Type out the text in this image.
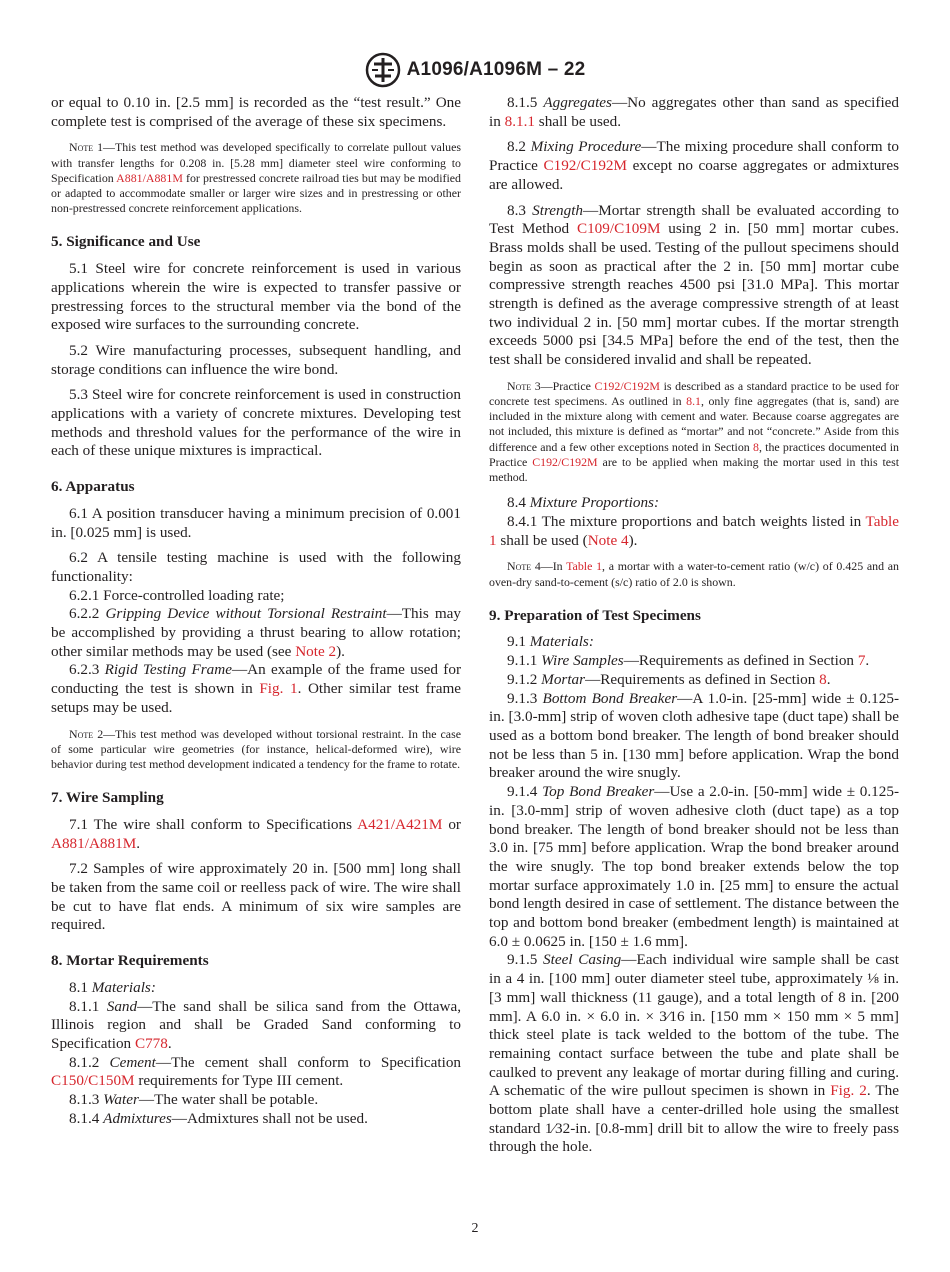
A1096/A1096M – 22

or equal to 0.10 in. [2.5 mm] is recorded as the “test result.” One complete test is comprised of the average of these six specimens.

Note 1—This test method was developed specifically to correlate pullout values with transfer lengths for 0.208 in. [5.28 mm] diameter steel wire conforming to Specification A881/A881M for prestressed concrete railroad ties but may be modified or adapted to accommodate smaller or larger wire sizes and in prestressing or other non-prestressed concrete reinforcement applications.
5. Significance and Use

5.1 Steel wire for concrete reinforcement is used in various applications wherein the wire is expected to transfer passive or prestressing forces to the structural member via the bond of the exposed wire surfaces to the surrounding concrete.

5.2 Wire manufacturing processes, subsequent handling, and storage conditions can influence the wire bond.

5.3 Steel wire for concrete reinforcement is used in construction applications with a variety of concrete mixtures. Developing test methods and threshold values for the performance of the wire in each of these unique mixtures is impractical.

6. Apparatus

6.1 A position transducer having a minimum precision of 0.001 in. [0.025 mm] is used.

6.2 A tensile testing machine is used with the following functionality:

6.2.1 Force-controlled loading rate;

6.2.2 Gripping Device without Torsional Restraint—This may be accomplished by providing a thrust bearing to allow rotation; other similar methods may be used (see Note 2).

6.2.3 Rigid Testing Frame—An example of the frame used for conducting the test is shown in Fig. 1. Other similar test frame setups may be used.

Note 2—This test method was developed without torsional restraint. In the case of some particular wire geometries (for instance, helical-deformed wire), wire behavior during test method development indicated a tendency for the frame to rotate.
7. Wire Sampling

7.1 The wire shall conform to Specifications A421/A421M or A881/A881M.

7.2 Samples of wire approximately 20 in. [500 mm] long shall be taken from the same coil or reelless pack of wire. The wire shall be cut to have flat ends. A minimum of six wire samples are required.

8. Mortar Requirements

8.1 Materials:

8.1.1 Sand—The sand shall be silica sand from the Ottawa, Illinois region and shall be Graded Sand conforming to Specification C778.

8.1.2 Cement—The cement shall conform to Specification C150/C150M requirements for Type III cement.

8.1.3 Water—The water shall be potable.

8.1.4 Admixtures—Admixtures shall not be used.

8.1.5 Aggregates—No aggregates other than sand as specified in 8.1.1 shall be used.

8.2 Mixing Procedure—The mixing procedure shall conform to Practice C192/C192M except no coarse aggregates or admixtures are allowed.

8.3 Strength—Mortar strength shall be evaluated according to Test Method C109/C109M using 2 in. [50 mm] mortar cubes. Brass molds shall be used. Testing of the pullout specimens should begin as soon as practical after the 2 in. [50 mm] mortar cube compressive strength reaches 4500 psi [31.0 MPa]. This mortar strength is defined as the average compressive strength of at least two individual 2 in. [50 mm] mortar cubes. If the mortar strength exceeds 5000 psi [34.5 MPa] before the end of the test, then the test shall be considered invalid and shall be repeated.

Note 3—Practice C192/C192M is described as a standard practice to be used for concrete test specimens. As outlined in 8.1, only fine aggregates (that is, sand) are included in the mixture along with cement and water. Because coarse aggregates are not included, this mixture is defined as “mortar” and not “concrete.” Aside from this difference and a few other exceptions noted in Section 8, the practices documented in Practice C192/C192M are to be applied when making the mortar used in this test method.

8.4 Mixture Proportions:

8.4.1 The mixture proportions and batch weights listed in Table 1 shall be used (Note 4).

Note 4—In Table 1, a mortar with a water-to-cement ratio (w/c) of 0.425 and an oven-dry sand-to-cement (s/c) ratio of 2.0 is shown.
9. Preparation of Test Specimens

9.1 Materials:

9.1.1 Wire Samples—Requirements as defined in Section 7.

9.1.2 Mortar—Requirements as defined in Section 8.

9.1.3 Bottom Bond Breaker—A 1.0-in. [25-mm] wide ± 0.125-in. [3.0-mm] strip of woven cloth adhesive tape (duct tape) shall be used as a bottom bond breaker. The length of bond breaker should not be less than 5 in. [130 mm] before application. Wrap the bond breaker around the wire snugly.

9.1.4 Top Bond Breaker—Use a 2.0-in. [50-mm] wide ± 0.125-in. [3.0-mm] strip of woven adhesive cloth (duct tape) as a top bond breaker. The length of bond breaker should not be less than 3.0 in. [75 mm] before application. Wrap the bond breaker around the wire snugly. The top bond breaker extends below the top mortar surface approximately 1.0 in. [25 mm] to ensure the actual bond length desired in case of settlement. The distance between the top and bottom bond breaker (embedment length) is maintained at 6.0 ± 0.0625 in. [150 ± 1.6 mm].

9.1.5 Steel Casing—Each individual wire sample shall be cast in a 4 in. [100 mm] outer diameter steel tube, approximately ⅛ in. [3 mm] wall thickness (11 gauge), and a total length of 8 in. [200 mm]. A 6.0 in. × 6.0 in. × 3⁄16 in. [150 mm × 150 mm × 5 mm] thick steel plate is tack welded to the bottom of the tube. The remaining contact surface between the tube and plate shall be caulked to prevent any leakage of mortar during filling and curing. A schematic of the wire pullout specimen is shown in Fig. 2. The bottom plate shall have a center-drilled hole using the smallest standard 1⁄32-in. [0.8-mm] drill bit to allow the wire to freely pass through the hole.

2
